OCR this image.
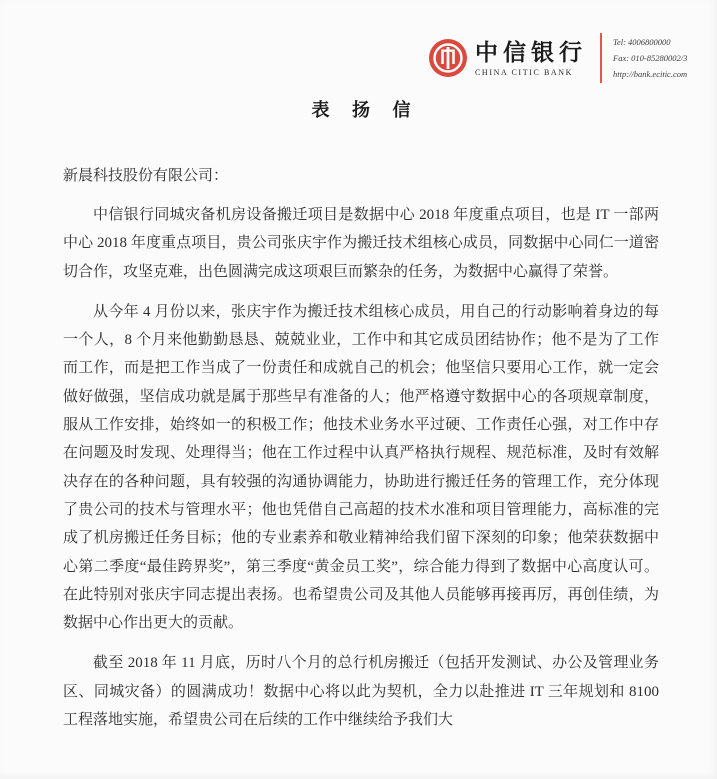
中信银行
CHINA CITIC BANK
Tel: 4006800000
Fax: 010-85280002/3
http://bank.ecitic.com
表 扬 信
新晨科技股份有限公司：

中信银行同城灾备机房设备搬迁项目是数据中心 2018 年度重点项目，也是 IT 一部两中心 2018 年度重点项目，贵公司张庆宇作为搬迁技术组核心成员，同数据中心同仁一道密切合作，攻坚克难，出色圆满完成这项艰巨而繁杂的任务，为数据中心赢得了荣誉。

从今年 4 月份以来，张庆宇作为搬迁技术组核心成员，用自己的行动影响着身边的每一个人，8 个月来他勤勤恳恳、兢兢业业，工作中和其它成员团结协作；他不是为了工作而工作，而是把工作当成了一份责任和成就自己的机会；他坚信只要用心工作，就一定会做好做强，坚信成功就是属于那些早有准备的人；他严格遵守数据中心的各项规章制度，服从工作安排，始终如一的积极工作；他技术业务水平过硬、工作责任心强，对工作中存在问题及时发现、处理得当；他在工作过程中认真严格执行规程、规范标准，及时有效解决存在的各种问题，具有较强的沟通协调能力，协助进行搬迁任务的管理工作，充分体现了贵公司的技术与管理水平；他也凭借自己高超的技术水准和项目管理能力，高标准的完成了机房搬迁任务目标；他的专业素养和敬业精神给我们留下深刻的印象；他荣获数据中心第二季度“最佳跨界奖”，第三季度“黄金员工奖”，综合能力得到了数据中心高度认可。 在此特别对张庆宇同志提出表扬。也希望贵公司及其他人员能够再接再厉，再创佳绩，为数据中心作出更大的贡献。

截至 2018 年 11 月底，历时八个月的总行机房搬迁（包括开发测试、办公及管理业务区、同城灾备）的圆满成功！数据中心将以此为契机，全力以赴推进 IT 三年规划和 8100 工程落地实施，希望贵公司在后续的工作中继续给予我们大
